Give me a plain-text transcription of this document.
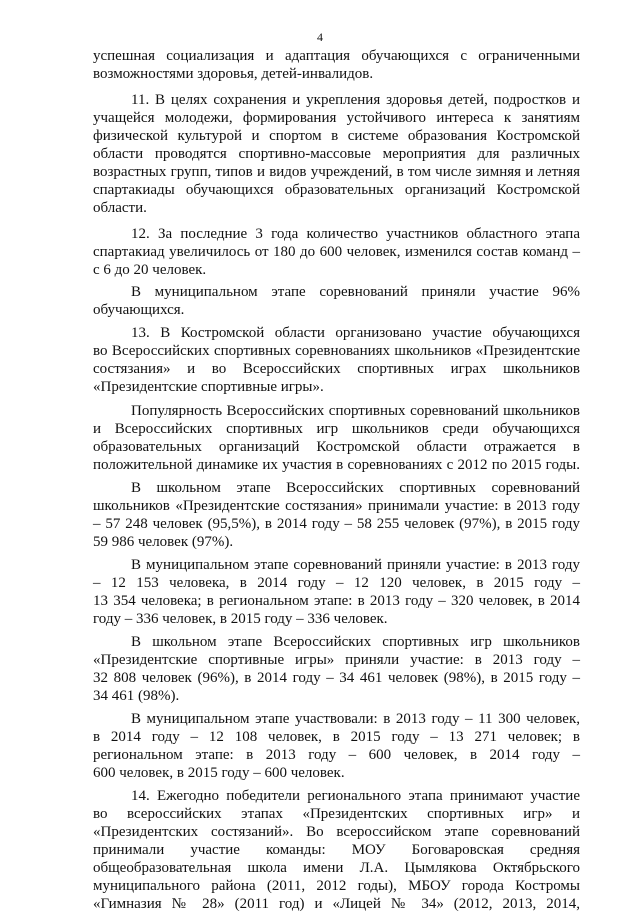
4
успешная социализация и адаптация обучающихся с ограниченными
возможностями здоровья, детей-инвалидов.
11. В целях сохранения и укрепления здоровья детей, подростков и
учащейся молодежи, формирования устойчивого интереса к занятиям
физической культурой и спортом в системе образования Костромской
области проводятся спортивно-массовые мероприятия для различных
возрастных групп, типов и видов учреждений, в том числе зимняя и летняя
спартакиады обучающихся образовательных организаций Костромской
области.
12. За последние 3 года количество участников областного этапа
спартакиад увеличилось от 180 до 600 человек, изменился состав команд –
с 6 до 20 человек.
В муниципальном этапе соревнований приняли участие 96%
обучающихся.
13. В Костромской области организовано участие обучающихся
во Всероссийских спортивных соревнованиях школьников «Президентские
состязания» и во Всероссийских спортивных играх школьников
«Президентские спортивные игры».
Популярность Всероссийских спортивных соревнований школьников
и Всероссийских спортивных игр школьников среди обучающихся
образовательных организаций Костромской области отражается в
положительной динамике их участия в соревнованиях с 2012 по 2015 годы.
В школьном этапе Всероссийских спортивных соревнований
школьников «Президентские состязания» принимали участие: в 2013 году
– 57 248 человек (95,5%), в 2014 году – 58 255 человек (97%), в 2015 году
59 986 человек (97%).
В муниципальном этапе соревнований приняли участие: в 2013 году
– 12 153 человека, в 2014 году – 12 120 человек, в 2015 году –
13 354 человека; в региональном этапе: в 2013 году – 320 человек, в 2014
году – 336 человек, в 2015 году – 336 человек.
В школьном этапе Всероссийских спортивных игр школьников
«Президентские спортивные игры» приняли участие: в 2013 году –
32 808 человек (96%), в 2014 году – 34 461 человек (98%), в 2015 году –
34 461 (98%).
В муниципальном этапе участвовали: в 2013 году – 11 300 человек,
в 2014 году – 12 108 человек, в 2015 году – 13 271 человек; в
региональном этапе: в 2013 году – 600 человек, в 2014 году –
600 человек, в 2015 году – 600 человек.
14. Ежегодно победители регионального этапа принимают участие
во всероссийских этапах «Президентских спортивных игр» и
«Президентских состязаний». Во всероссийском этапе соревнований
принимали участие команды: МОУ Боговаровская средняя
общеобразовательная школа имени Л.А. Цымлякова Октябрьского
муниципального района (2011, 2012 годы), МБОУ города Костромы
«Гимназия № 28» (2011 год) и «Лицей № 34» (2012, 2013, 2014,
